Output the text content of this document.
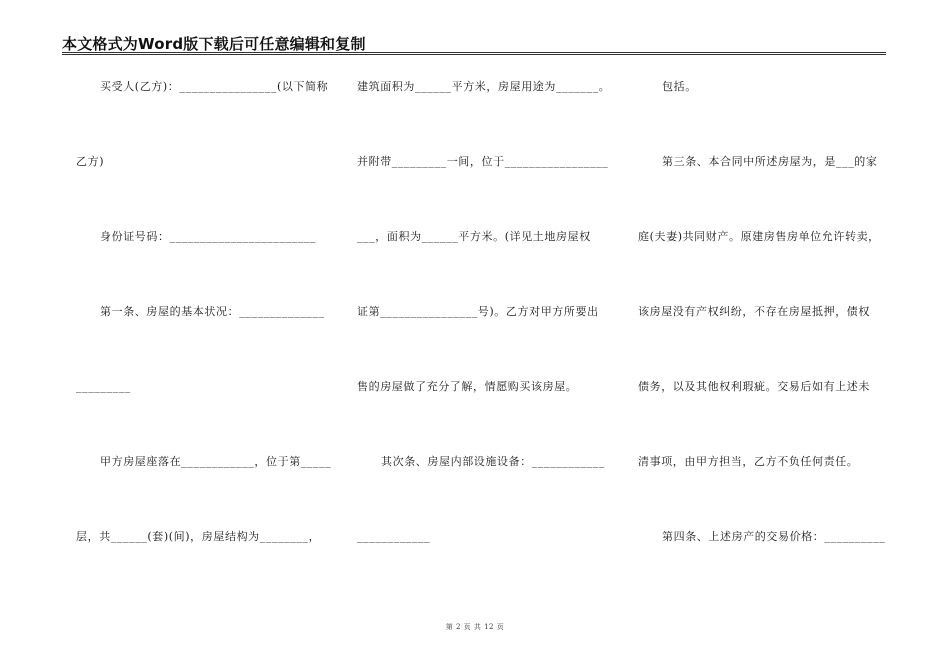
本文格式为Word版下载后可任意编辑和复制
买受人(乙方)：________________(以下简称
乙方)
身份证号码：________________________
第一条、房屋的基本状况：______________
_________
甲方房屋座落在____________，位于第_____
层，共______(套)(间)，房屋结构为________，
建筑面积为______平方米，房屋用途为_______。
并附带_________一间，位于_________________
___，面积为______平方米。(详见土地房屋权
证第________________号)。乙方对甲方所要出
售的房屋做了充分了解，情愿购买该房屋。
其次条、房屋内部设施设备：____________
____________
包括。
第三条、本合同中所述房屋为，是___的家
庭(夫妻)共同财产。原建房售房单位允许转卖，
该房屋没有产权纠纷，不存在房屋抵押，债权
债务，以及其他权利瑕疵。交易后如有上述未
清事项，由甲方担当，乙方不负任何责任。
第四条、上述房产的交易价格：__________
第 2 页 共 12 页
